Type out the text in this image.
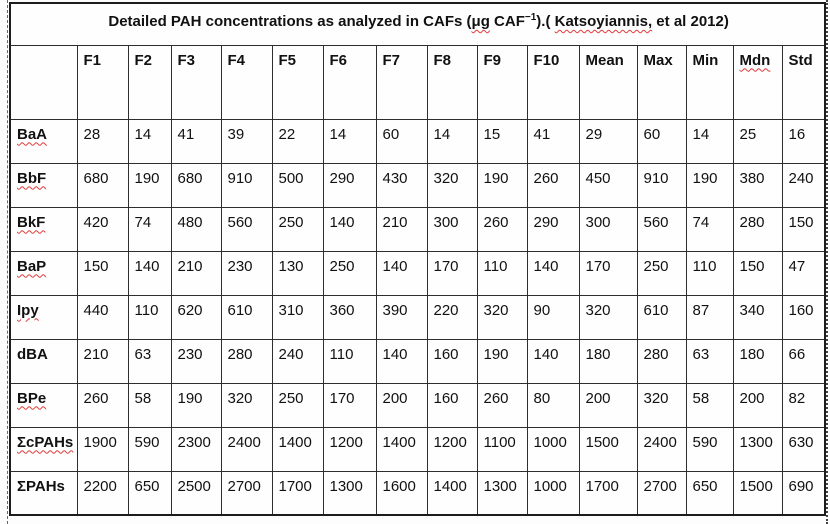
Detailed PAH concentrations as analyzed in CAFs (μg $CAF^{-1}$).( Katsoyiannis, et al 2012)															
	F1	F2	F3	F4	F5	F6	F7	F8	F9	F10	Mean	Max	Min	Mdn	Std
BaA	28	14	41	39	22	14	60	14	15	41	29	60	14	25	16
BbF	680	190	680	910	500	290	430	320	190	260	450	910	190	380	240
BkF	420	74	480	560	250	140	210	300	260	290	300	560	74	280	150
BaP	150	140	210	230	130	250	140	170	110	140	170	250	110	150	47
Ipy	440	110	620	610	310	360	390	220	320	90	320	610	87	340	160
dBA	210	63	230	280	240	110	140	160	190	140	180	280	63	180	66
BPe	260	58	190	320	250	170	200	160	260	80	200	320	58	200	82
ΣcPAHs	1900	590	2300	2400	1400	1200	1400	1200	1100	1000	1500	2400	590	1300	630
ΣPAHs	2200	650	2500	2700	1700	1300	1600	1400	1300	1000	1700	2700	650	1500	690
